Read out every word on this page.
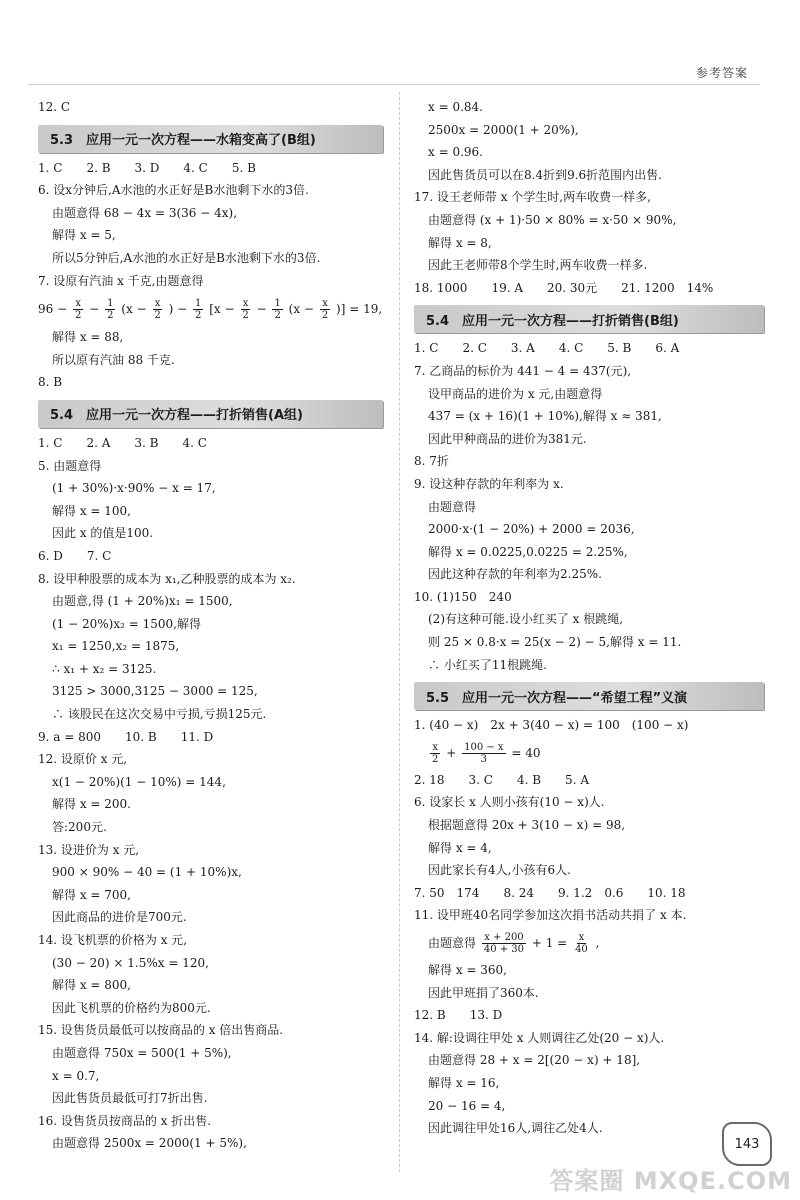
参考答案
12. C
5.3　应用一元一次方程——水箱变高了(B组)
1. C　　2. B　　3. D　　4. C　　5. B
6. 设x分钟后,A水池的水正好是B水池剩下水的3倍.
由题意得 68 − 4x = 3(36 − 4x),
解得 x = 5,
所以5分钟后,A水池的水正好是B水池剩下水的3倍.
7. 设原有汽油 x 千克,由题意得
$96 - \frac{x}{2} - \frac{1}{2} (x - \frac{x}{2}$ ) − $\frac{1}{2} [x - \frac{x}{2} - \frac{1}{2} (x - \frac{x}{2}$ )] = 19,
解得 x = 88,
所以原有汽油 88 千克.
8. B
5.4　应用一元一次方程——打折销售(A组)
1. C　　2. A　　3. B　　4. C
5. 由题意得
(1 + 30%)·x·90% − x = 17,
解得 x = 100,
因此 x 的值是100.
6. D　　7. C
8. 设甲种股票的成本为 x₁,乙种股票的成本为 x₂.
由题意,得 (1 + 20%)x₁ = 1500,
(1 − 20%)x₂ = 1500,解得
x₁ = 1250,x₂ = 1875,
∴ x₁ + x₂ = 3125.
3125 > 3000,3125 − 3000 = 125,
∴ 该股民在这次交易中亏损,亏损125元.
9. a = 800　　10. B　　11. D
12. 设原价 x 元,
x(1 − 20%)(1 − 10%) = 144,
解得 x = 200.
答:200元.
13. 设进价为 x 元,
900 × 90% − 40 = (1 + 10%)x,
解得 x = 700,
因此商品的进价是700元.
14. 设飞机票的价格为 x 元,
(30 − 20) × 1.5%x = 120,
解得 x = 800,
因此飞机票的价格约为800元.
15. 设售货员最低可以按商品的 x 倍出售商品.
由题意得 750x = 500(1 + 5%),
x = 0.7,
因此售货员最低可打7折出售.
16. 设售货员按商品的 x 折出售.
由题意得 2500x = 2000(1 + 5%),
x = 0.84.
2500x = 2000(1 + 20%),
x = 0.96.
因此售货员可以在8.4折到9.6折范围内出售.
17. 设王老师带 x 个学生时,两车收费一样多,
由题意得 (x + 1)·50 × 80% = x·50 × 90%,
解得 x = 8,
因此王老师带8个学生时,两车收费一样多.
18. 1000　　19. A　　20. 30元　　21. 1200　14%
5.4　应用一元一次方程——打折销售(B组)
1. C　　2. C　　3. A　　4. C　　5. B　　6. A
7. 乙商品的标价为 441 − 4 = 437(元),
设甲商品的进价为 x 元,由题意得
437 = (x + 16)(1 + 10%),解得 x ≈ 381,
因此甲种商品的进价为381元.
8. 7折
9. 设这种存款的年利率为 x.
由题意得
2000·x·(1 − 20%) + 2000 = 2036,
解得 x = 0.0225,0.0225 = 2.25%,
因此这种存款的年利率为2.25%.
10. (1)150　240
(2)有这种可能.设小红买了 x 根跳绳,
则 25 × 0.8·x = 25(x − 2) − 5,解得 x = 11.
∴ 小红买了11根跳绳.
5.5　应用一元一次方程——“希望工程”义演
1. (40 − x)　2x + 3(40 − x) = 100　(100 − x)
$\frac{x}{2} + \frac{100 - x}{3} = 40$
2. 18　　3. C　　4. B　　5. A
6. 设家长 x 人则小孩有(10 − x)人.
根据题意得 20x + 3(10 − x) = 98,
解得 x = 4,
因此家长有4人,小孩有6人.
7. 50　174　　8. 24　　9. 1.2　0.6　　10. 18
11. 设甲班40名同学参加这次捐书活动共捐了 x 本.
由题意得 $\frac{x + 200}{40 + 30} + 1 = \frac{x}{40}$ ,
解得 x = 360,
因此甲班捐了360本.
12. B　　13. D
14. 解:设调往甲处 x 人则调往乙处(20 − x)人.
由题意得 28 + x = 2[(20 − x) + 18],
解得 x = 16,
20 − 16 = 4,
因此调往甲处16人,调往乙处4人.
143
答案圈 MXQE.COM
